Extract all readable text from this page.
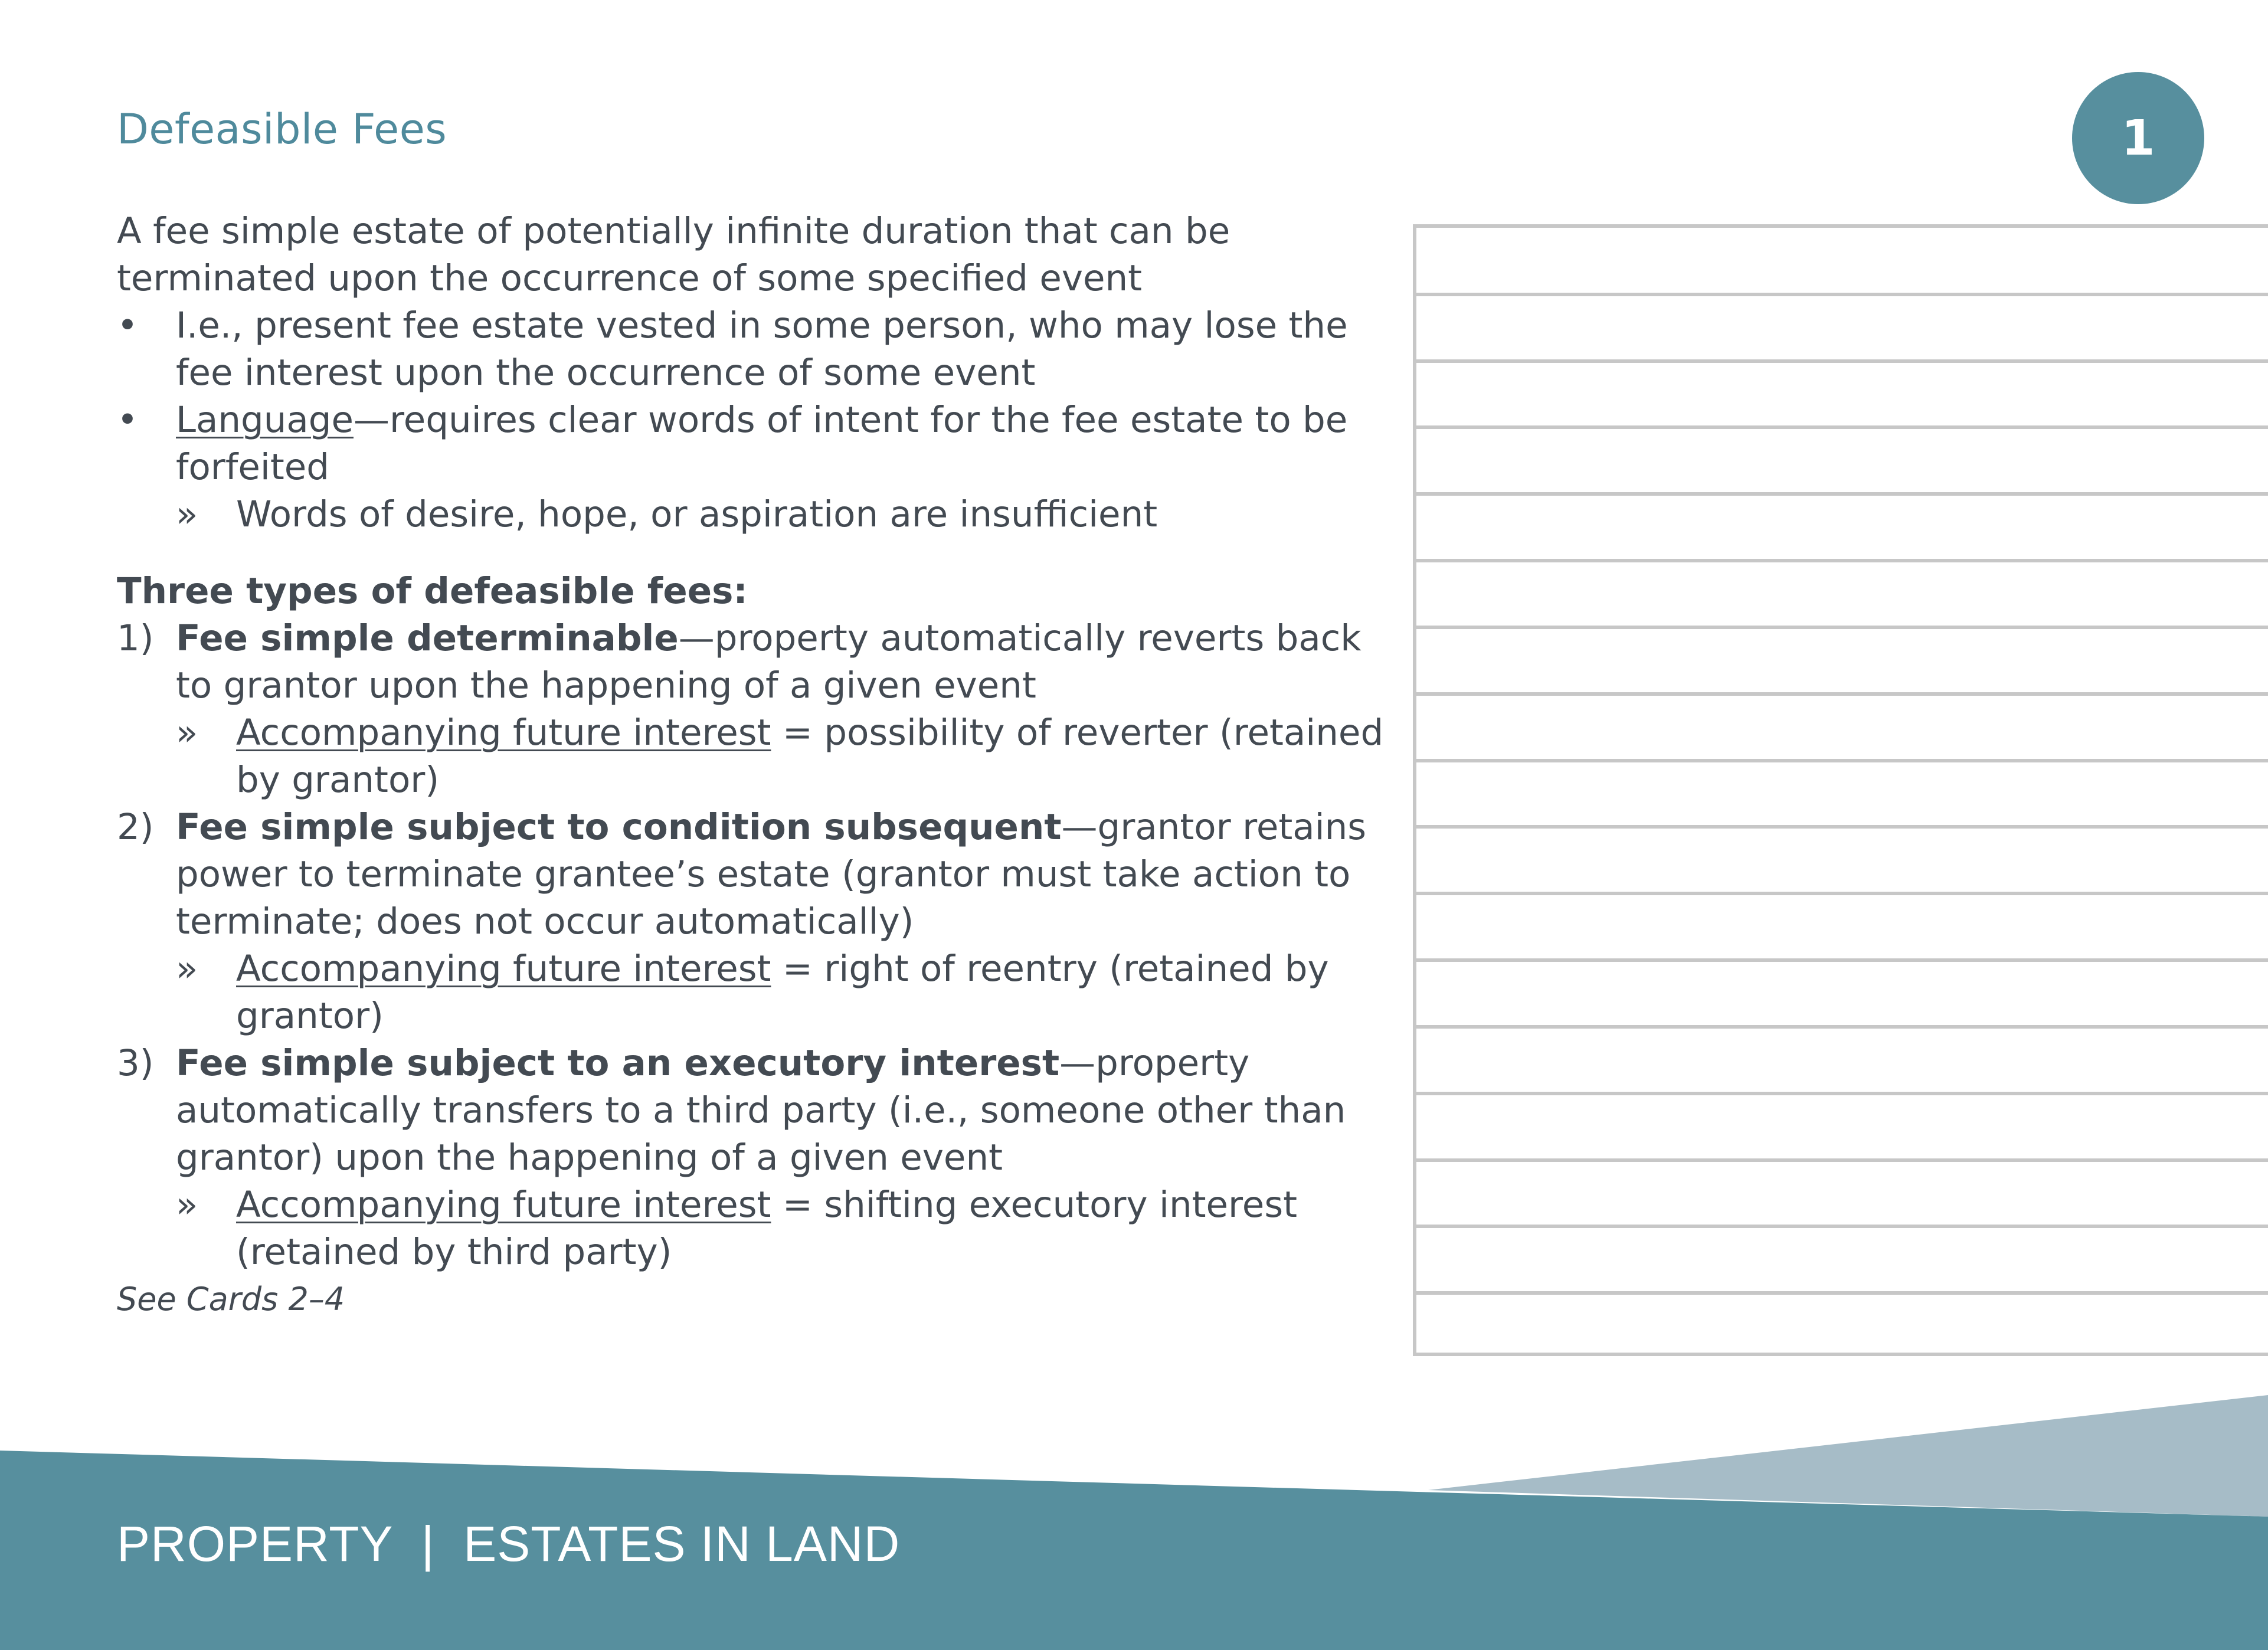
Defeasible Fees	1

A fee simple estate of potentially infinite duration that can be terminated upon the occurrence of some specified event

• I.e., present fee estate vested in some person, who may lose the fee interest upon the occurrence of some event
• Language—requires clear words of intent for the fee estate to be forfeited
» Words of desire, hope, or aspiration are insufficient

Three types of defeasible fees:

1) Fee simple determinable—property automatically reverts back to grantor upon the happening of a given event
» Accompanying future interest = possibility of reverter (retained by grantor)
2) Fee simple subject to condition subsequent—grantor retains power to terminate grantee’s estate (grantor must take action to terminate; does not occur automatically)
» Accompanying future interest = right of reentry (retained by grantor)
3) Fee simple subject to an executory interest—property automatically transfers to a third party (i.e., someone other than grantor) upon the happening of a given event
» Accompanying future interest = shifting executory interest (retained by third party)

See Cards 2–4

PROPERTY  |  ESTATES IN LAND
